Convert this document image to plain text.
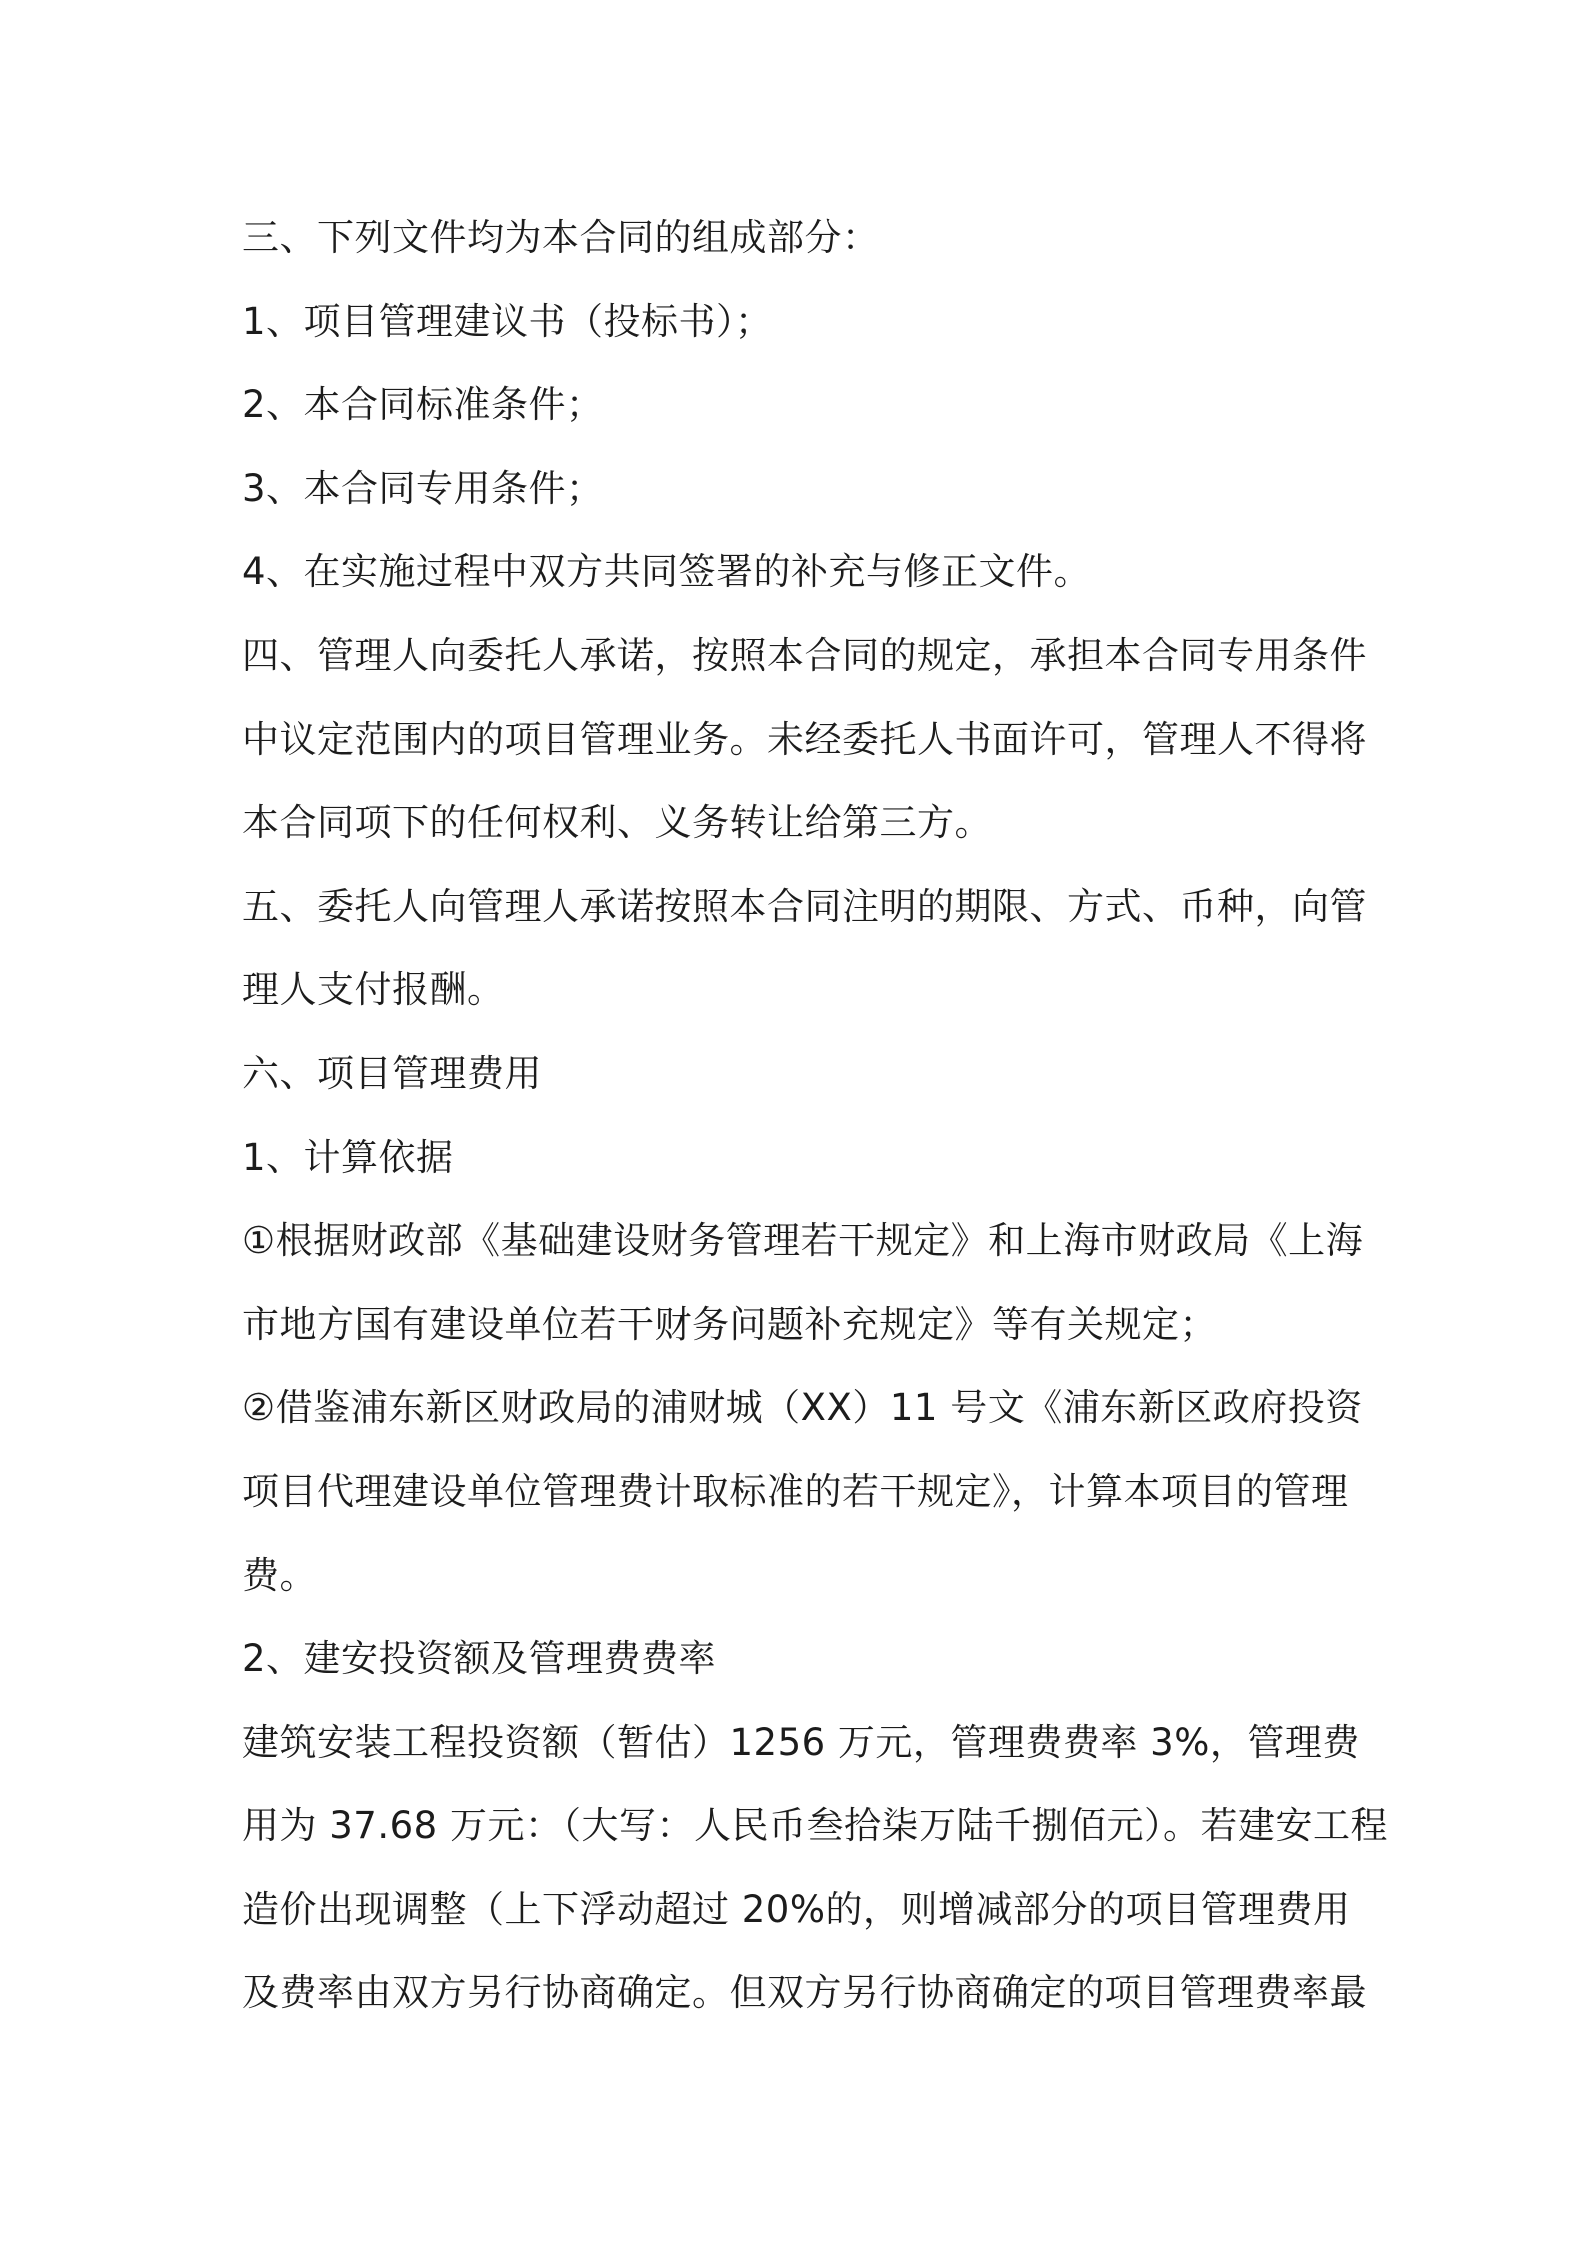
三、下列文件均为本合同的组成部分：
1、项目管理建议书（投标书）；
2、本合同标准条件；
3、本合同专用条件；
4、在实施过程中双方共同签署的补充与修正文件。
四、管理人向委托人承诺，按照本合同的规定，承担本合同专用条件
中议定范围内的项目管理业务。未经委托人书面许可，管理人不得将
本合同项下的任何权利、义务转让给第三方。
五、委托人向管理人承诺按照本合同注明的期限、方式、币种，向管
理人支付报酬。
六、项目管理费用
1、计算依据
①根据财政部《基础建设财务管理若干规定》和上海市财政局《上海
市地方国有建设单位若干财务问题补充规定》等有关规定；
②借鉴浦东新区财政局的浦财城（XX）11 号文《浦东新区政府投资
项目代理建设单位管理费计取标准的若干规定》，计算本项目的管理
费。
2、建安投资额及管理费费率
建筑安装工程投资额（暂估）1256 万元，管理费费率 3%，管理费
用为 37.68 万元：（大写：人民币叁拾柒万陆千捌佰元）。若建安工程
造价出现调整（上下浮动超过 20%的，则增减部分的项目管理费用
及费率由双方另行协商确定。但双方另行协商确定的项目管理费率最
